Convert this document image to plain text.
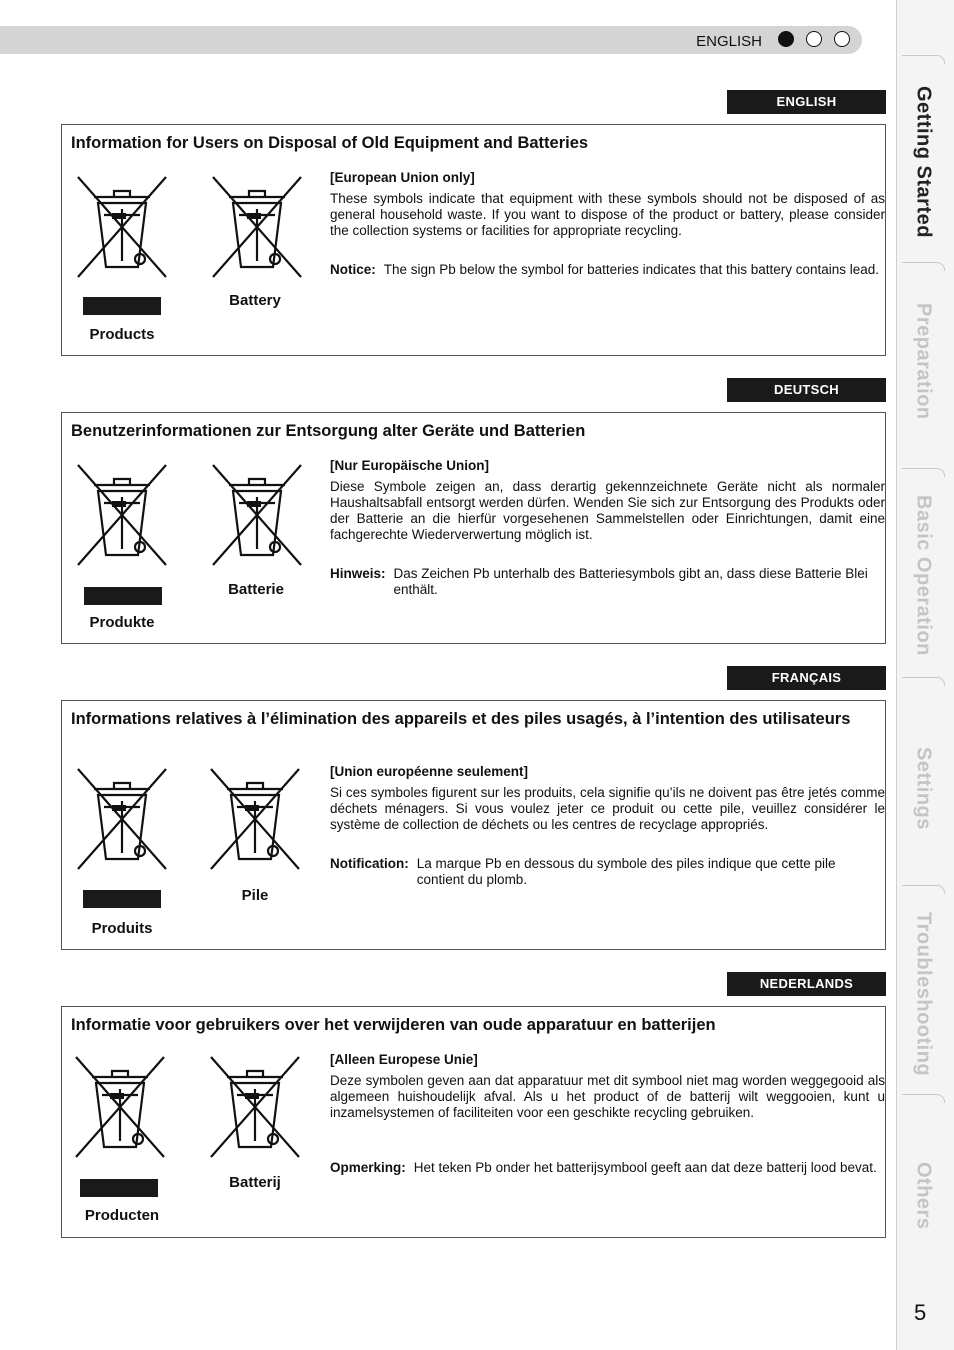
ENGLISH
Getting Started
Preparation
Basic Operation
Settings
Troubleshooting
Others
5
ENGLISH
Information for Users on Disposal of Old Equipment and Batteries
Products
Battery
[European Union only]

These symbols indicate that equipment with these symbols should not be disposed of as general household waste. If you want to dispose of the product or battery, please consider the collection systems or facilities for appropriate recycling.

Notice: The sign Pb below the symbol for batteries indicates that this battery contains lead.
DEUTSCH
Benutzerinformationen zur Entsorgung alter Geräte und Batterien
Produkte
Batterie
[Nur Europäische Union]

Diese Symbole zeigen an, dass derartig gekennzeichnete Geräte nicht als normaler Haushaltsabfall entsorgt werden dürfen. Wenden Sie sich zur Entsorgung des Produkts oder der Batterie an die hierfür vorgesehenen Sammelstellen oder Einrichtungen, damit eine fachgerechte Wiederverwertung möglich ist.

Hinweis: Das Zeichen Pb unterhalb des Batteriesymbols gibt an, dass diese Batterie Blei enthält.
FRANÇAIS
Informations relatives à l’élimination des appareils et des piles usagés, à l’intention des utilisateurs
Produits
Pile
[Union européenne seulement]

Si ces symboles figurent sur les produits, cela signifie qu’ils ne doivent pas être jetés comme déchets ménagers. Si vous voulez jeter ce produit ou cette pile, veuillez considérer le système de collection de déchets ou les centres de recyclage appropriés.

Notification: La marque Pb en dessous du symbole des piles indique que cette pile contient du plomb.
NEDERLANDS
Informatie voor gebruikers over het verwijderen van oude apparatuur en batterijen
Producten
Batterij
[Alleen Europese Unie]

Deze symbolen geven aan dat apparatuur met dit symbool niet mag worden weggegooid als algemeen huishoudelijk afval. Als u het product of de batterij wilt weggooien, kunt u inzamelsystemen of faciliteiten voor een geschikte recycling gebruiken.

Opmerking: Het teken Pb onder het batterijsymbool geeft aan dat deze batterij lood bevat.
